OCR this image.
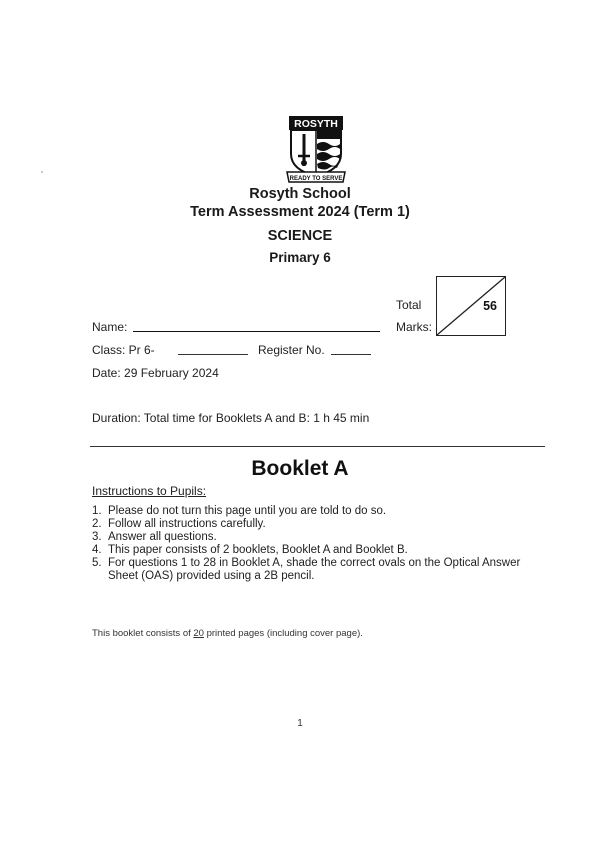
ROSYTH
READY TO SERVE
Rosyth School
Term Assessment 2024 (Term 1)
SCIENCE
Primary 6
Total
Marks:
56
Name:
Class: Pr 6-	Register No.
Date: 29 February 2024
Duration: Total time for Booklets A and B: 1 h 45 min
Booklet A
Instructions to Pupils:
1. Please do not turn this page until you are told to do so.
2. Follow all instructions carefully.
3. Answer all questions.
4. This paper consists of 2 booklets, Booklet A and Booklet B.
5. For questions 1 to 28 in Booklet A, shade the correct ovals on the Optical Answer Sheet (OAS) provided using a 2B pencil.
This booklet consists of 20 printed pages (including cover page).
1
